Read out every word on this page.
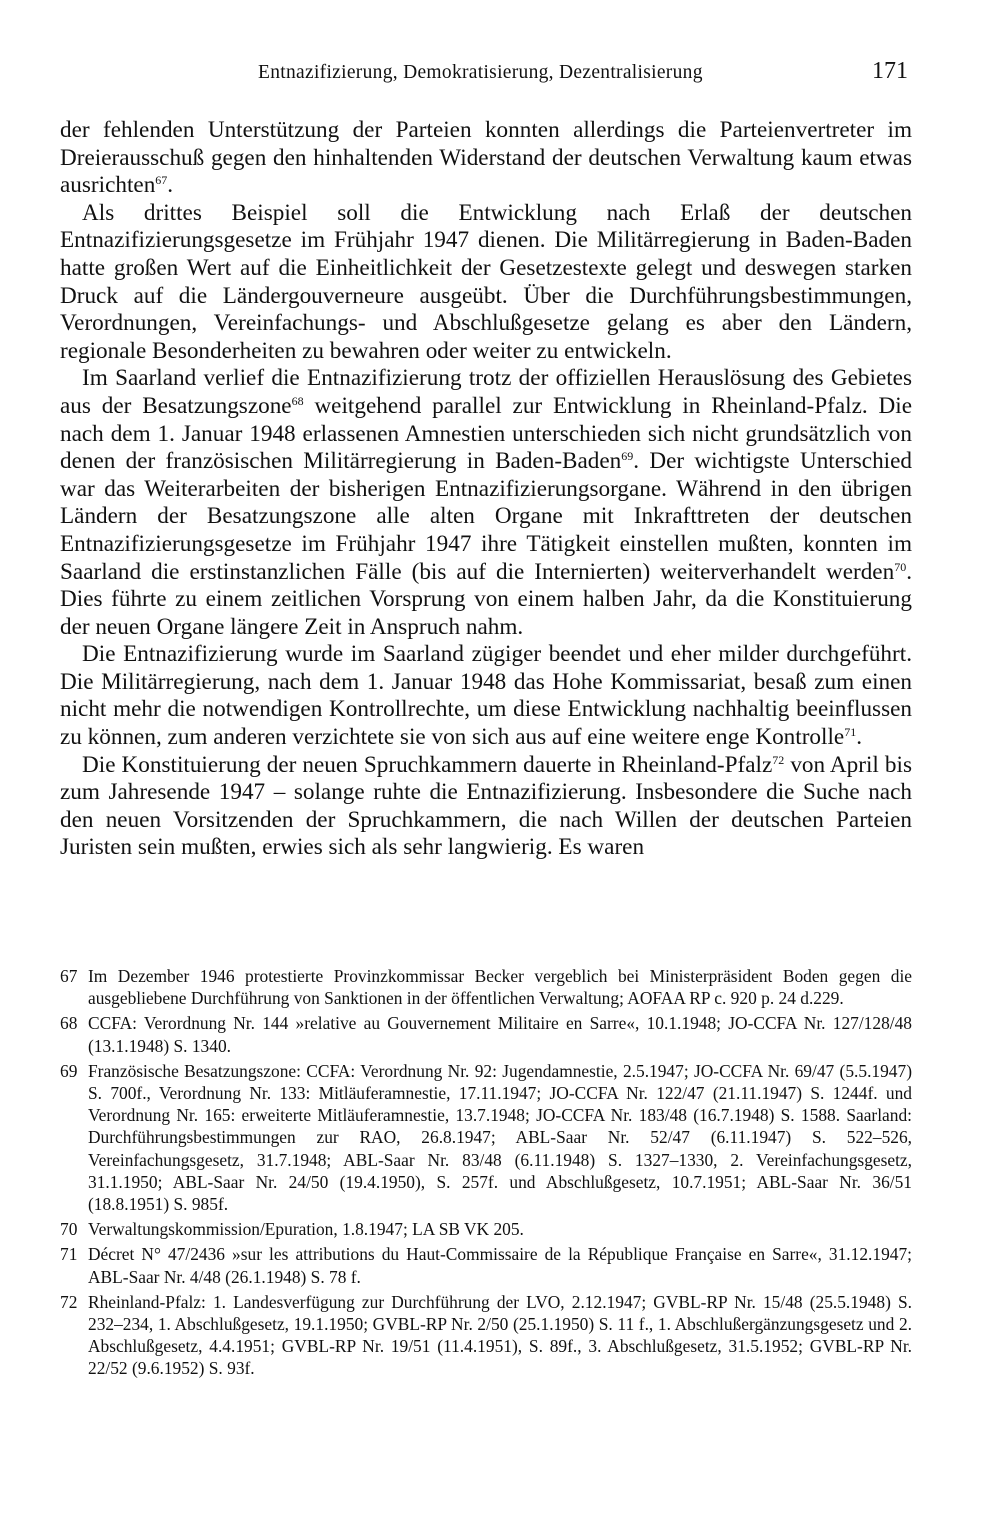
Entnazifizierung, Demokratisierung, Dezentralisierung	171

der fehlenden Unterstützung der Parteien konnten allerdings die Parteienvertreter im Dreierausschuß gegen den hinhaltenden Widerstand der deutschen Verwaltung kaum etwas ausrichten$^{67}$.

Als drittes Beispiel soll die Entwicklung nach Erlaß der deutschen Entnazifizierungsgesetze im Frühjahr 1947 dienen. Die Militärregierung in Baden-Baden hatte großen Wert auf die Einheitlichkeit der Gesetzestexte gelegt und deswegen starken Druck auf die Ländergouverneure ausgeübt. Über die Durchführungsbestimmungen, Verordnungen, Vereinfachungs- und Abschlußgesetze gelang es aber den Ländern, regionale Besonderheiten zu bewahren oder weiter zu entwickeln.

Im Saarland verlief die Entnazifizierung trotz der offiziellen Herauslösung des Gebietes aus der Besatzungszone$^{68}$ weitgehend parallel zur Entwicklung in Rheinland-Pfalz. Die nach dem 1. Januar 1948 erlassenen Amnestien unterschieden sich nicht grundsätzlich von denen der französischen Militärregierung in Baden-Baden$^{69}$. Der wichtigste Unterschied war das Weiterarbeiten der bisherigen Entnazifizierungsorgane. Während in den übrigen Ländern der Besatzungszone alle alten Organe mit Inkrafttreten der deutschen Entnazifizierungsgesetze im Frühjahr 1947 ihre Tätigkeit einstellen mußten, konnten im Saarland die erstinstanzlichen Fälle (bis auf die Internierten) weiterverhandelt werden$^{70}$. Dies führte zu einem zeitlichen Vorsprung von einem halben Jahr, da die Konstituierung der neuen Organe längere Zeit in Anspruch nahm.

Die Entnazifizierung wurde im Saarland zügiger beendet und eher milder durchgeführt. Die Militärregierung, nach dem 1. Januar 1948 das Hohe Kommissariat, besaß zum einen nicht mehr die notwendigen Kontrollrechte, um diese Entwicklung nachhaltig beeinflussen zu können, zum anderen verzichtete sie von sich aus auf eine weitere enge Kontrolle$^{71}$.

Die Konstituierung der neuen Spruchkammern dauerte in Rheinland-Pfalz$^{72}$ von April bis zum Jahresende 1947 – solange ruhte die Entnazifizierung. Insbesondere die Suche nach den neuen Vorsitzenden der Spruchkammern, die nach Willen der deutschen Parteien Juristen sein mußten, erwies sich als sehr langwierig. Es waren

67 Im Dezember 1946 protestierte Provinzkommissar Becker vergeblich bei Ministerpräsident Boden gegen die ausgebliebene Durchführung von Sanktionen in der öffentlichen Verwaltung; AOFAA RP c. 920 p. 24 d.229.
68 CCFA: Verordnung Nr. 144 »relative au Gouvernement Militaire en Sarre«, 10.1.1948; JO-CCFA Nr. 127/128/48 (13.1.1948) S. 1340.
69 Französische Besatzungszone: CCFA: Verordnung Nr. 92: Jugendamnestie, 2.5.1947; JO-CCFA Nr. 69/47 (5.5.1947) S. 700f., Verordnung Nr. 133: Mitläuferamnestie, 17.11.1947; JO-CCFA Nr. 122/47 (21.11.1947) S. 1244f. und Verordnung Nr. 165: erweiterte Mitläuferamnestie, 13.7.1948; JO-CCFA Nr. 183/48 (16.7.1948) S. 1588. Saarland: Durchführungsbestimmungen zur RAO, 26.8.1947; ABL-Saar Nr. 52/47 (6.11.1947) S. 522–526, Vereinfachungsgesetz, 31.7.1948; ABL-Saar Nr. 83/48 (6.11.1948) S. 1327–1330, 2. Vereinfachungsgesetz, 31.1.1950; ABL-Saar Nr. 24/50 (19.4.1950), S. 257f. und Abschlußgesetz, 10.7.1951; ABL-Saar Nr. 36/51 (18.8.1951) S. 985f.
70 Verwaltungskommission/Epuration, 1.8.1947; LA SB VK 205.
71 Décret N° 47/2436 »sur les attributions du Haut-Commissaire de la République Française en Sarre«, 31.12.1947; ABL-Saar Nr. 4/48 (26.1.1948) S. 78 f.
72 Rheinland-Pfalz: 1. Landesverfügung zur Durchführung der LVO, 2.12.1947; GVBL-RP Nr. 15/48 (25.5.1948) S. 232–234, 1. Abschlußgesetz, 19.1.1950; GVBL-RP Nr. 2/50 (25.1.1950) S. 11 f., 1. Abschlußergänzungsgesetz und 2. Abschlußgesetz, 4.4.1951; GVBL-RP Nr. 19/51 (11.4.1951), S. 89f., 3. Abschlußgesetz, 31.5.1952; GVBL-RP Nr. 22/52 (9.6.1952) S. 93f.
